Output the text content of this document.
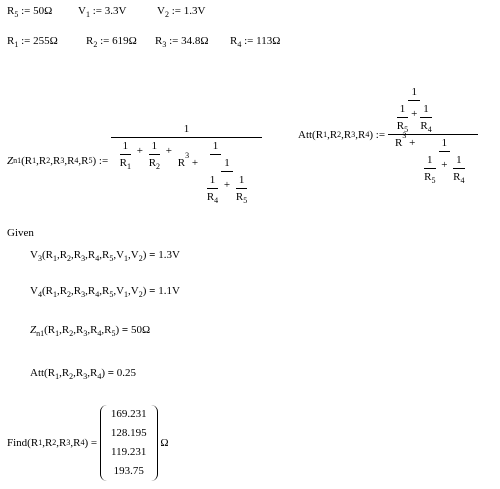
$R_5$ := 50Ω $V_1$ := 3.3V	$V_2$ := 1.3V
$R_1$ := 255Ω	$R_2$ := 619Ω $R_3$ := 34.8Ω $R_4$ := 113Ω
Z n1 (R 1 ,R 2 ,R 3 ,R 4 ,R 5 ) :=
1
1
$R_1$
+ $\frac{1}{R_2}$ +	1
R
3
+ 1
1
$R_4$
+ $\frac{1}{R_5}$
Att(R 1 ,R 2 ,R 3 ,R 4 ) :=
1
1
$R_5$
+ $\frac{1}{R_4}$
R
3
+ 1
1
$R_5$
+ $\frac{1}{R_4}$
Given
$V_3(R_1,R_2,R_3,R_4,R_5,V_1,V_2) = 1.3V$
$V_4(R_1,R_2,R_3,R_4,R_5,V_1,V_2) = 1.1V$
$Z_{n1}(R_1,R_2,R_3,R_4,R_5) = 50\Omega$
$Att(R_1,R_2,R_3,R_4) = 0.25$
Find(R 1 ,R 2 ,R 3 ,R 4 ) =
169.231
128.195
119.231
193.75

Ω
